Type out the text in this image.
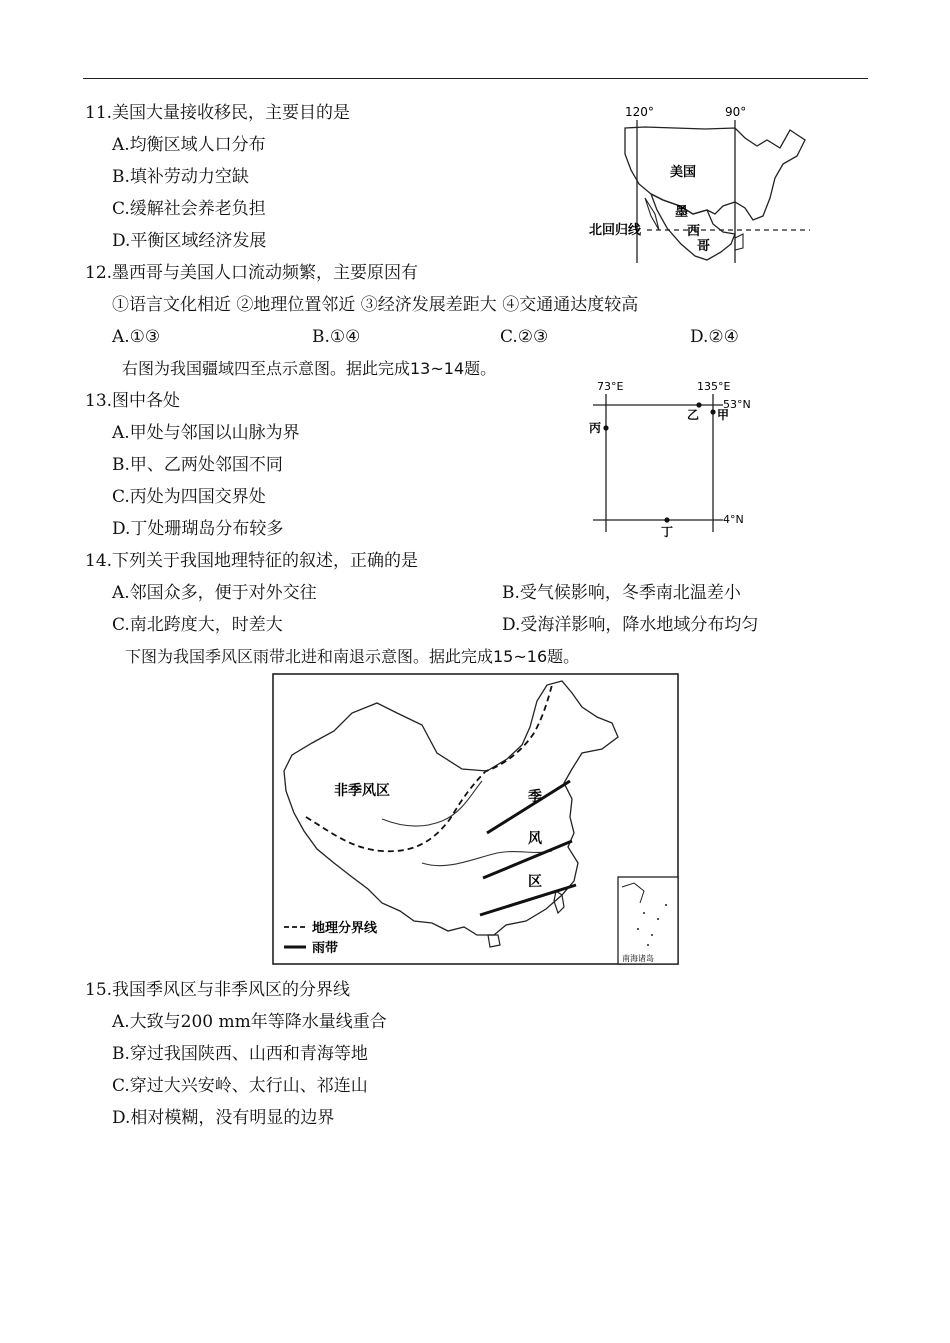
11.美国大量接收移民，主要目的是
A.均衡区域人口分布
B.填补劳动力空缺
C.缓解社会养老负担
D.平衡区域经济发展
120°	90°
美国
北回归线
墨
西
哥
12.墨西哥与美国人口流动频繁，主要原因有
①语言文化相近 ②地理位置邻近 ③经济发展差距大 ④交通通达度较高
A.①③	B.①④	C.②③	D.②④
右图为我国疆域四至点示意图。据此完成13~14题。
73°E	135°E
53°N
4°N
甲
乙
丙
丁
13.图中各处
A.甲处与邻国以山脉为界
B.甲、乙两处邻国不同
C.丙处为四国交界处
D.丁处珊瑚岛分布较多
14.下列关于我国地理特征的叙述，正确的是
A.邻国众多，便于对外交往	B.受气候影响，冬季南北温差小
C.南北跨度大，时差大	D.受海洋影响，降水地域分布均匀
下图为我国季风区雨带北进和南退示意图。据此完成15~16题。
非季风区	季
风
区
地理分界线
雨带
南海诸岛
15.我国季风区与非季风区的分界线
A.大致与200 mm年等降水量线重合
B.穿过我国陕西、山西和青海等地
C.穿过大兴安岭、太行山、祁连山
D.相对模糊，没有明显的边界
